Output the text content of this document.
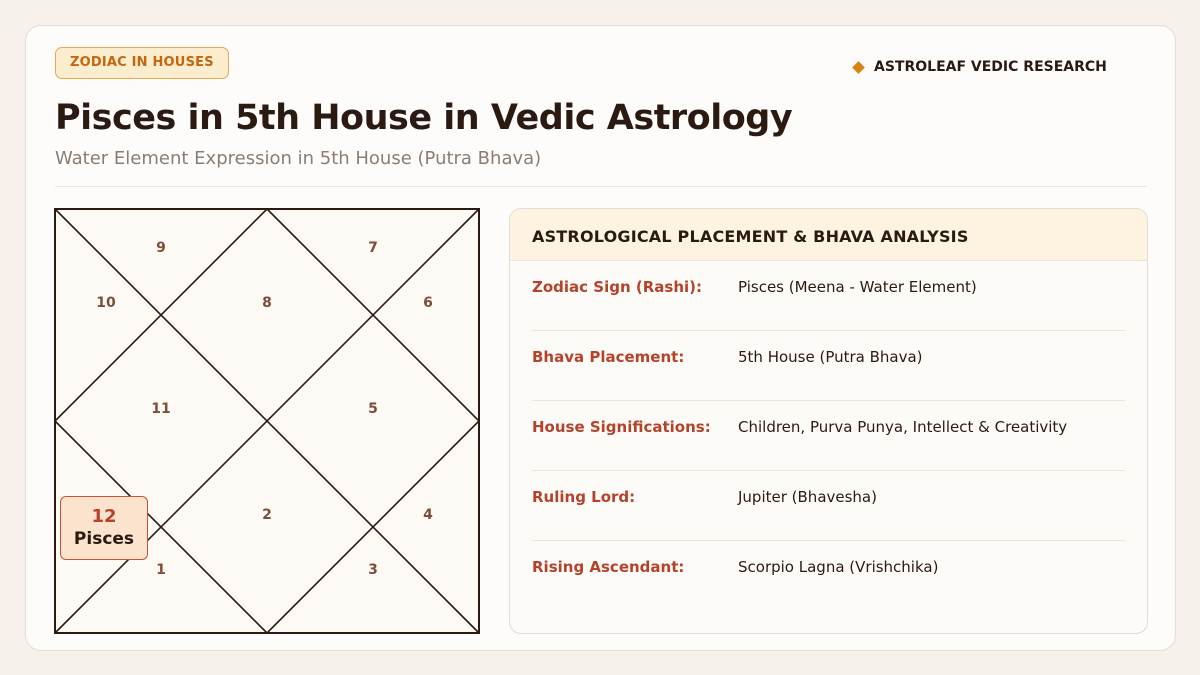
ZODIAC IN HOUSES	ASTROLEAF VEDIC RESEARCH
Pisces in 5th House in Vedic Astrology
Water Element Expression in 5th House (Putra Bhava)
9	7
10	8	6
11	5
2	4
1	3
12
Pisces
ASTROLOGICAL PLACEMENT & BHAVA ANALYSIS
Zodiac Sign (Rashi):	Pisces (Meena - Water Element)
Bhava Placement:	5th House (Putra Bhava)
House Significations:	Children, Purva Punya, Intellect & Creativity
Ruling Lord:	Jupiter (Bhavesha)
Rising Ascendant:	Scorpio Lagna (Vrishchika)
